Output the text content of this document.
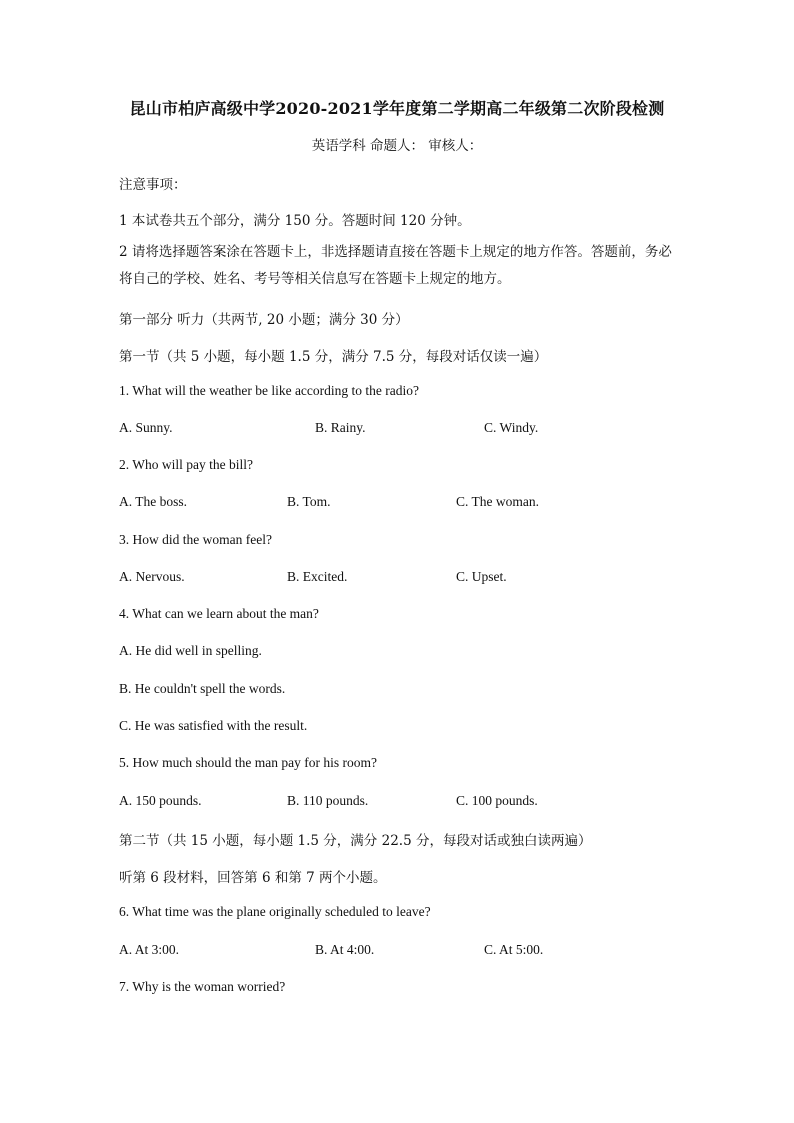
昆山市柏庐高级中学2020-2021学年度第二学期高二年级第二次阶段检测
英语学科 命题人： 审核人：
注意事项：
1 本试卷共五个部分，满分 150 分。答题时间 120 分钟。
2 请将选择题答案涂在答题卡上，非选择题请直接在答题卡上规定的地方作答。答题前，务必将自己的学校、姓名、考号等相关信息写在答题卡上规定的地方。
第一部分 听力（共两节, 20 小题；满分 30 分）
第一节（共 5 小题，每小题 1.5 分，满分 7.5 分，每段对话仅读一遍）
1. What will the weather be like according to the radio?
A. Sunny.	B. Rainy.	C. Windy.
2. Who will pay the bill?
A. The boss.	B. Tom.	C. The woman.
3. How did the woman feel?
A. Nervous.	B. Excited.	C. Upset.
4. What can we learn about the man?
A. He did well in spelling.
B. He couldn't spell the words.
C. He was satisfied with the result.
5. How much should the man pay for his room?
A. 150 pounds.	B. 110 pounds.	C. 100 pounds.
第二节（共 15 小题，每小题 1.5 分，满分 22.5 分，每段对话或独白读两遍）
听第 6 段材料，回答第 6 和第 7 两个小题。
6. What time was the plane originally scheduled to leave?
A. At 3:00.	B. At 4:00.	C. At 5:00.
7. Why is the woman worried?
